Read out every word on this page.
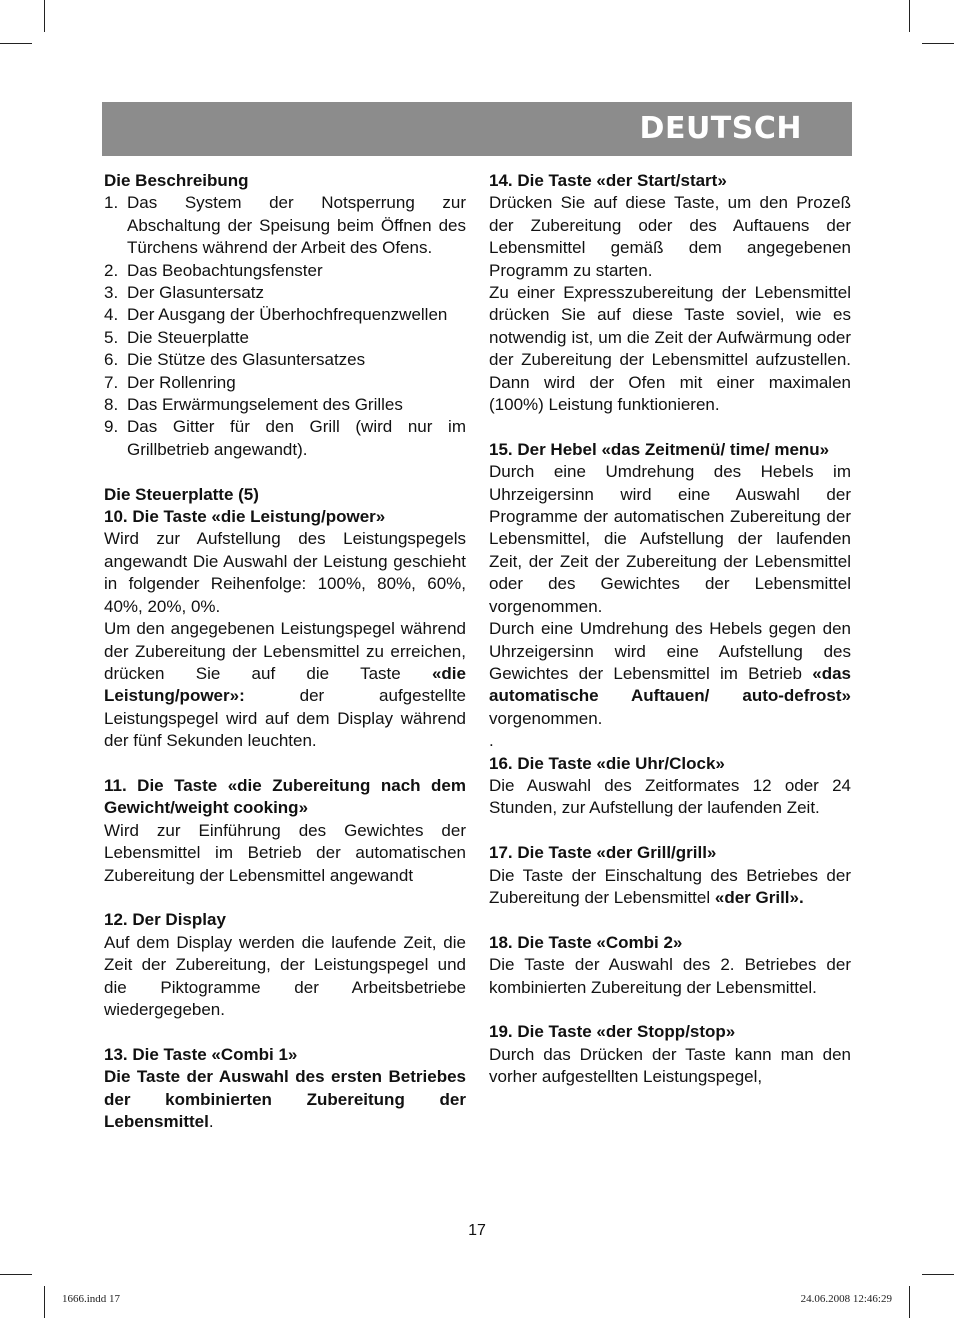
DEUTSCH

Die Beschreibung

1. Das System der Notsperrung zur Abschaltung der Speisung beim Öffnen des Türchens während der Arbeit des Ofens.
2. Das Beobachtungsfenster
3. Der Glasuntersatz
4. Der Ausgang der Überhochfrequenzwellen
5. Die Steuerplatte
6. Die Stütze des Glasuntersatzes
7. Der Rollenring
8. Das Erwärmungselement des Grilles
9. Das Gitter für den Grill (wird nur im Grillbetrieb angewandt).

Die Steuerplatte (5)

10. Die Taste «die Leistung/power»

Wird zur Aufstellung des Leistungspegels angewandt Die Auswahl der Leistung geschieht in folgender Reihenfolge: 100%, 80%, 60%, 40%, 20%, 0%.

Um den angegebenen Leistungspegel während der Zubereitung der Lebensmittel zu erreichen, drücken Sie auf die Taste «die Leistung/power»:	der aufgestellte Leistungspegel wird auf dem Display während der fünf Sekunden leuchten.

11. Die Taste «die Zubereitung nach dem Gewicht/weight cooking»

Wird zur Einführung des Gewichtes der Lebensmittel im Betrieb der automatischen Zubereitung der Lebensmittel angewandt

12. Der Display

Auf dem Display werden die laufende Zeit, die Zeit der Zubereitung, der Leistungspegel und die Piktogramme der Arbeitsbetriebe wiedergegeben.

13. Die Taste «Combi 1»

Die Taste der Auswahl des ersten Betriebes der kombinierten Zubereitung der Lebensmittel.

14. Die Taste «der Start/start»

Drücken Sie auf diese Taste, um den Prozeß der Zubereitung oder des Auftauens der Lebensmittel gemäß dem angegebenen Programm zu starten.

Zu einer Expresszubereitung der Lebensmittel drücken Sie auf diese Taste soviel, wie es notwendig ist, um die Zeit der Aufwärmung oder der Zubereitung der Lebensmittel aufzustellen. Dann wird der Ofen mit einer maximalen (100%) Leistung funktionieren.

15. Der Hebel «das Zeitmenü/ time/ menu»

Durch eine Umdrehung des Hebels im Uhrzeigersinn wird eine Auswahl der Programme der automatischen Zubereitung der Lebensmittel, die Aufstellung der laufenden Zeit, der Zeit der Zubereitung der Lebensmittel oder des Gewichtes der Lebensmittel vorgenommen.

Durch eine Umdrehung des Hebels gegen den Uhrzeigersinn wird eine Aufstellung des Gewichtes der Lebensmittel im Betrieb «das automatische Auftauen/ auto-defrost» vorgenommen.

.

16. Die Taste «die Uhr/Clock»

Die Auswahl des Zeitformates 12 oder 24 Stunden, zur Aufstellung der laufenden Zeit.

17. Die Taste «der Grill/grill»

Die Taste der Einschaltung des Betriebes der Zubereitung der Lebensmittel «der Grill».

18. Die Taste «Combi 2»

Die Taste der Auswahl des 2. Betriebes der kombinierten Zubereitung der Lebensmittel.

19. Die Taste «der Stopp/stop»

Durch das Drücken der Taste kann man den vorher aufgestellten Leistungspegel,

17
1666.indd 17	24.06.2008 12:46:29
